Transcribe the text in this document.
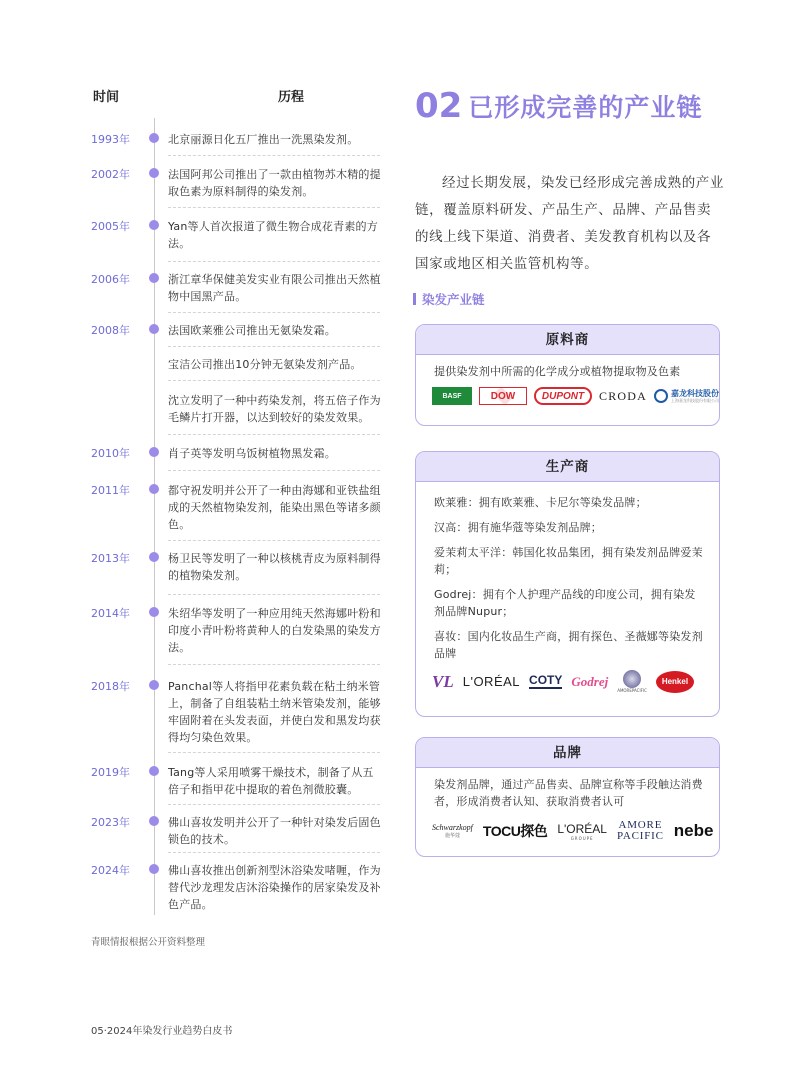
时间	历程
1993年	北京丽源日化五厂推出一洗黑染发剂。
2002年	法国阿邦公司推出了一款由植物苏木精的提取色素为原料制得的染发剂。
2005年	Yan等人首次报道了微生物合成花青素的方法。
2006年	浙江章华保健美发实业有限公司推出天然植物中国黑产品。
2008年	法国欧莱雅公司推出无氨染发霜。
宝洁公司推出10分钟无氨染发剂产品。
沈立发明了一种中药染发剂，将五倍子作为毛鳞片打开器，以达到较好的染发效果。
2010年	肖子英等发明乌饭树植物黑发霜。
2011年	都守祝发明并公开了一种由海娜和亚铁盐组成的天然植物染发剂，能染出黑色等诸多颜色。
2013年	杨卫民等发明了一种以核桃青皮为原料制得的植物染发剂。
2014年	朱绍华等发明了一种应用纯天然海娜叶粉和印度小青叶粉将黄种人的白发染黑的染发方法。
2018年	Panchal等人将指甲花素负载在粘土纳米管上，制备了自组装粘土纳米管染发剂，能够牢固附着在头发表面，并使白发和黑发均获得均匀染色效果。
2019年	Tang等人采用喷雾干燥技术，制备了从五倍子和指甲花中提取的着色剂微胶囊。
2023年	佛山喜妆发明并公开了一种针对染发后固色锁色的技术。
2024年	佛山喜妆推出创新剂型沐浴染发啫喱，作为替代沙龙理发店沐浴染操作的居家染发及补色产品。
02 已形成完善的产业链

经过长期发展，染发已经形成完善成熟的产业链，覆盖原料研发、产品生产、品牌、产品售卖的线上线下渠道、消费者、美发教育机构以及各国家或地区相关监管机构等。

染发产业链
原料商
提供染发剂中所需的化学成分或植物提取物及色素
BASF	DOW	DUPONT	CRODA	嘉龙科技股份
上海嘉龙科技股份有限公司
生产商
欧莱雅：拥有欧莱雅、卡尼尔等染发品牌；
汉高：拥有施华蔻等染发剂品牌；
爱茉莉太平洋：韩国化妆品集团，拥有染发剂品牌爱茉莉；
Godrej：拥有个人护理产品线的印度公司，拥有染发剂品牌Nupur；
喜妆：国内化妆品生产商，拥有探色、圣薇娜等染发剂品牌
VL L'ORÉAL COTY Godrej
AMOREPACIFIC
Henkel
品牌
染发剂品牌，通过产品售卖、品牌宣称等手段触达消费者，形成消费者认知、获取消费者认可
Schwarzkopf
施华蔻 TOCU探色 L'ORÉAL
GROUPE
AMORE
PACIFIC nebe
青眼情报根据公开资料整理
05·2024年染发行业趋势白皮书
